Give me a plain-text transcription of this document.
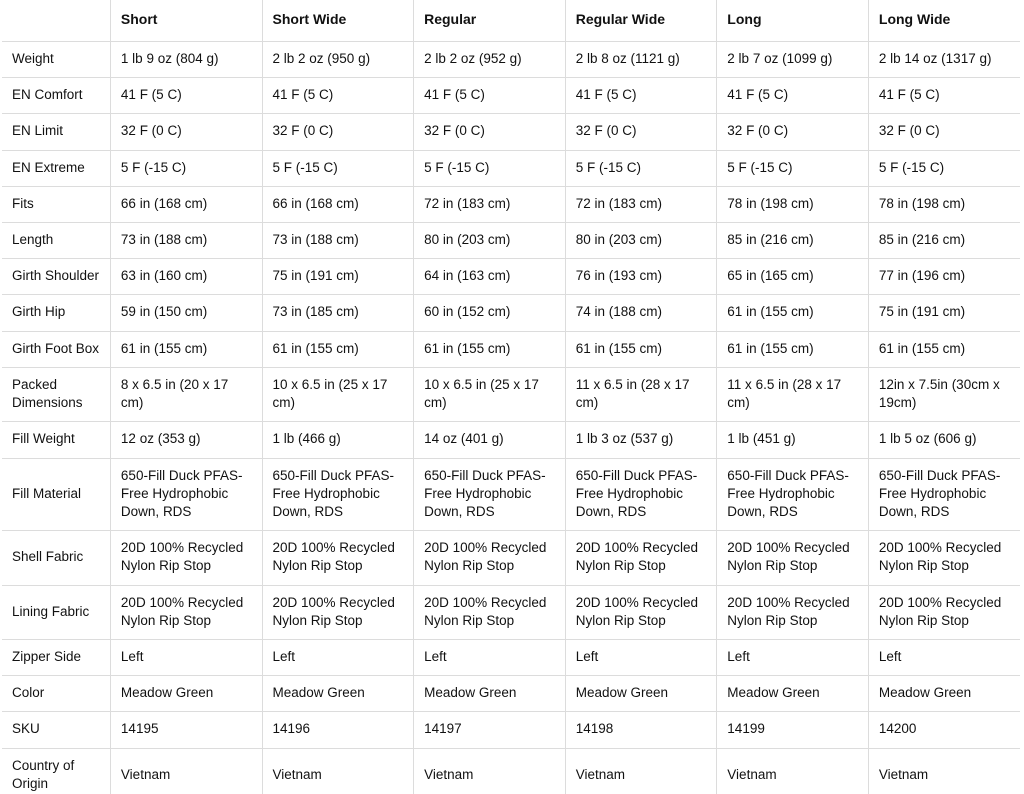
	Short	Short Wide	Regular	Regular Wide	Long	Long Wide
Weight	1 lb 9 oz (804 g)	2 lb 2 oz (950 g)	2 lb 2 oz (952 g)	2 lb 8 oz (1121 g)	2 lb 7 oz (1099 g)	2 lb 14 oz (1317 g)
EN Comfort	41 F (5 C)	41 F (5 C)	41 F (5 C)	41 F (5 C)	41 F (5 C)	41 F (5 C)
EN Limit	32 F (0 C)	32 F (0 C)	32 F (0 C)	32 F (0 C)	32 F (0 C)	32 F (0 C)
EN Extreme	5 F (-15 C)	5 F (-15 C)	5 F (-15 C)	5 F (-15 C)	5 F (-15 C)	5 F (-15 C)
Fits	66 in (168 cm)	66 in (168 cm)	72 in (183 cm)	72 in (183 cm)	78 in (198 cm)	78 in (198 cm)
Length	73 in (188 cm)	73 in (188 cm)	80 in (203 cm)	80 in (203 cm)	85 in (216 cm)	85 in (216 cm)
Girth Shoulder	63 in (160 cm)	75 in (191 cm)	64 in (163 cm)	76 in (193 cm)	65 in (165 cm)	77 in (196 cm)
Girth Hip	59 in (150 cm)	73 in (185 cm)	60 in (152 cm)	74 in (188 cm)	61 in (155 cm)	75 in (191 cm)
Girth Foot Box	61 in (155 cm)	61 in (155 cm)	61 in (155 cm)	61 in (155 cm)	61 in (155 cm)	61 in (155 cm)
Packed Dimensions	8 x 6.5 in (20 x 17 cm)	10 x 6.5 in (25 x 17 cm)	10 x 6.5 in (25 x 17 cm)	11 x 6.5 in (28 x 17 cm)	11 x 6.5 in (28 x 17 cm)	12in x 7.5in (30cm x 19cm)
Fill Weight	12 oz (353 g)	1 lb (466 g)	14 oz (401 g)	1 lb 3 oz (537 g)	1 lb (451 g)	1 lb 5 oz (606 g)
Fill Material	650-Fill Duck PFAS-Free Hydrophobic Down, RDS	650-Fill Duck PFAS-Free Hydrophobic Down, RDS	650-Fill Duck PFAS-Free Hydrophobic Down, RDS	650-Fill Duck PFAS-Free Hydrophobic Down, RDS	650-Fill Duck PFAS-Free Hydrophobic Down, RDS	650-Fill Duck PFAS-Free Hydrophobic Down, RDS
Shell Fabric	20D 100% Recycled Nylon Rip Stop	20D 100% Recycled Nylon Rip Stop	20D 100% Recycled Nylon Rip Stop	20D 100% Recycled Nylon Rip Stop	20D 100% Recycled Nylon Rip Stop	20D 100% Recycled Nylon Rip Stop
Lining Fabric	20D 100% Recycled Nylon Rip Stop	20D 100% Recycled Nylon Rip Stop	20D 100% Recycled Nylon Rip Stop	20D 100% Recycled Nylon Rip Stop	20D 100% Recycled Nylon Rip Stop	20D 100% Recycled Nylon Rip Stop
Zipper Side	Left	Left	Left	Left	Left	Left
Color	Meadow Green	Meadow Green	Meadow Green	Meadow Green	Meadow Green	Meadow Green
SKU	14195	14196	14197	14198	14199	14200
Country of Origin	Vietnam	Vietnam	Vietnam	Vietnam	Vietnam	Vietnam
